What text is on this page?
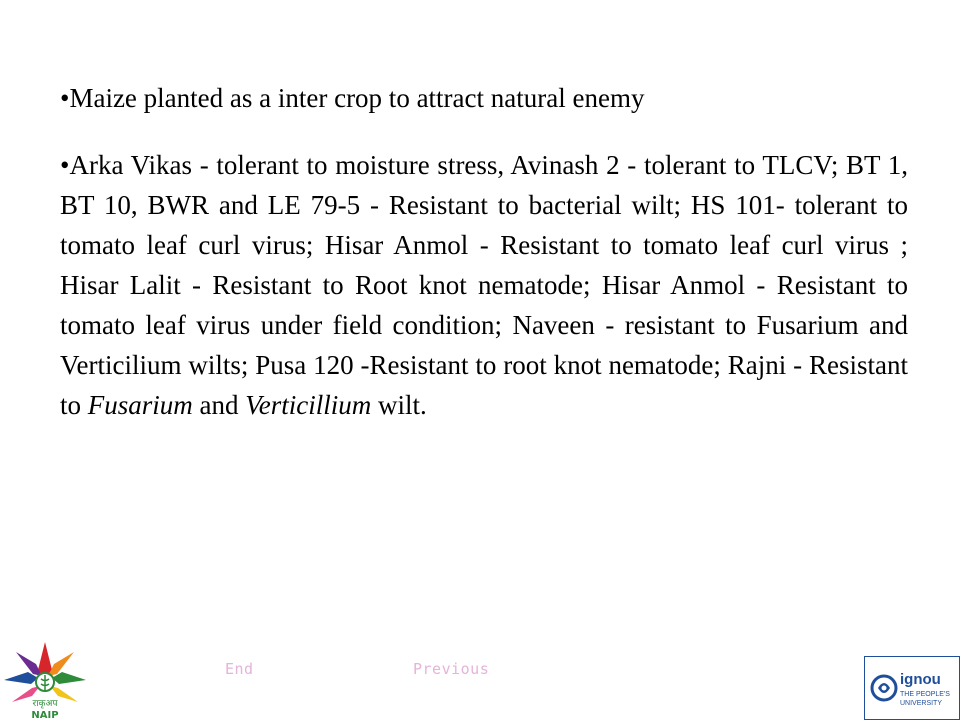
•Maize planted as a inter crop to attract natural enemy

•Arka Vikas - tolerant to moisture stress, Avinash 2 - tolerant to TLCV; BT 1, BT 10, BWR and LE 79-5 - Resistant to bacterial wilt; HS 101- tolerant to tomato leaf curl virus; Hisar Anmol - Resistant to tomato leaf curl virus ; Hisar Lalit - Resistant to Root knot nematode; Hisar Anmol - Resistant to tomato leaf virus under field condition; Naveen - resistant to Fusarium and Verticilium wilts; Pusa 120 -Resistant to root knot nematode; Rajni - Resistant to Fusarium and Verticillium wilt.

End	Previous
राकृअप
NAIP
ignou
THE PEOPLE'S
UNIVERSITY
